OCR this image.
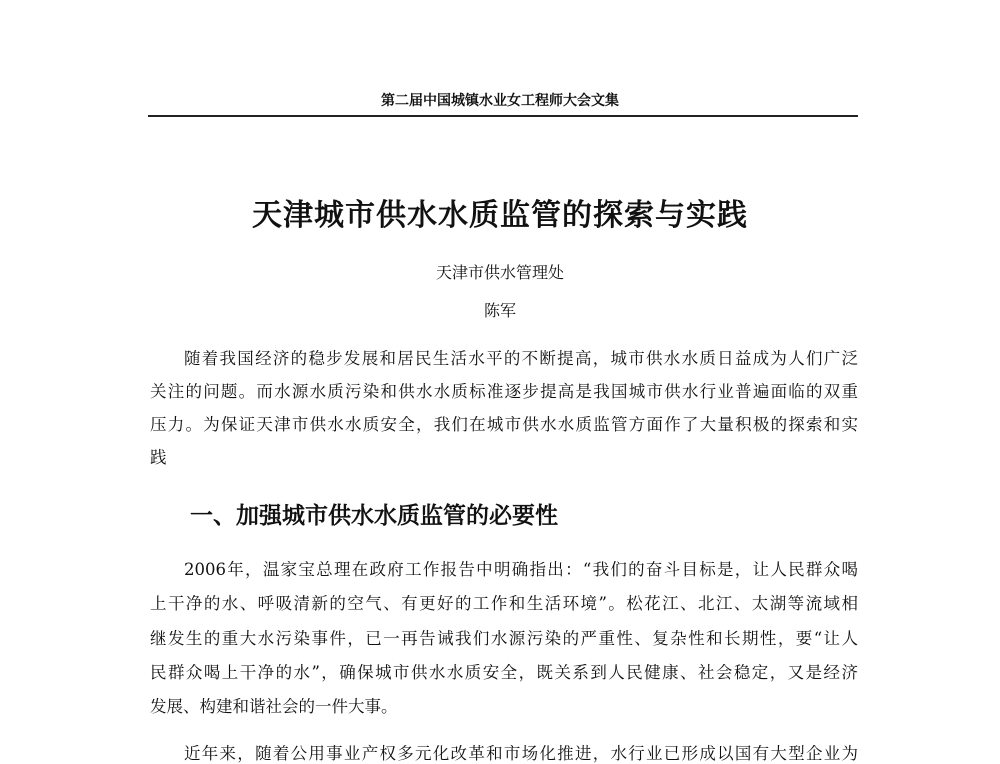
第二届中国城镇水业女工程师大会文集
天津城市供水水质监管的探索与实践
天津市供水管理处
陈军
随着我国经济的稳步发展和居民生活水平的不断提高，城市供水水质日益成为人们广泛
关注的问题。而水源水质污染和供水水质标准逐步提高是我国城市供水行业普遍面临的双重
压力。为保证天津市供水水质安全，我们在城市供水水质监管方面作了大量积极的探索和实
践
一、加强城市供水水质监管的必要性
2006年，温家宝总理在政府工作报告中明确指出：“我们的奋斗目标是，让人民群众喝
上干净的水、呼吸清新的空气、有更好的工作和生活环境”。松花江、北江、太湖等流域相
继发生的重大水污染事件，已一再告诫我们水源污染的严重性、复杂性和长期性，要“让人
民群众喝上干净的水”，确保城市供水水质安全，既关系到人民健康、社会稳定，又是经济
发展、构建和谐社会的一件大事。
近年来，随着公用事业产权多元化改革和市场化推进，水行业已形成以国有大型企业为
